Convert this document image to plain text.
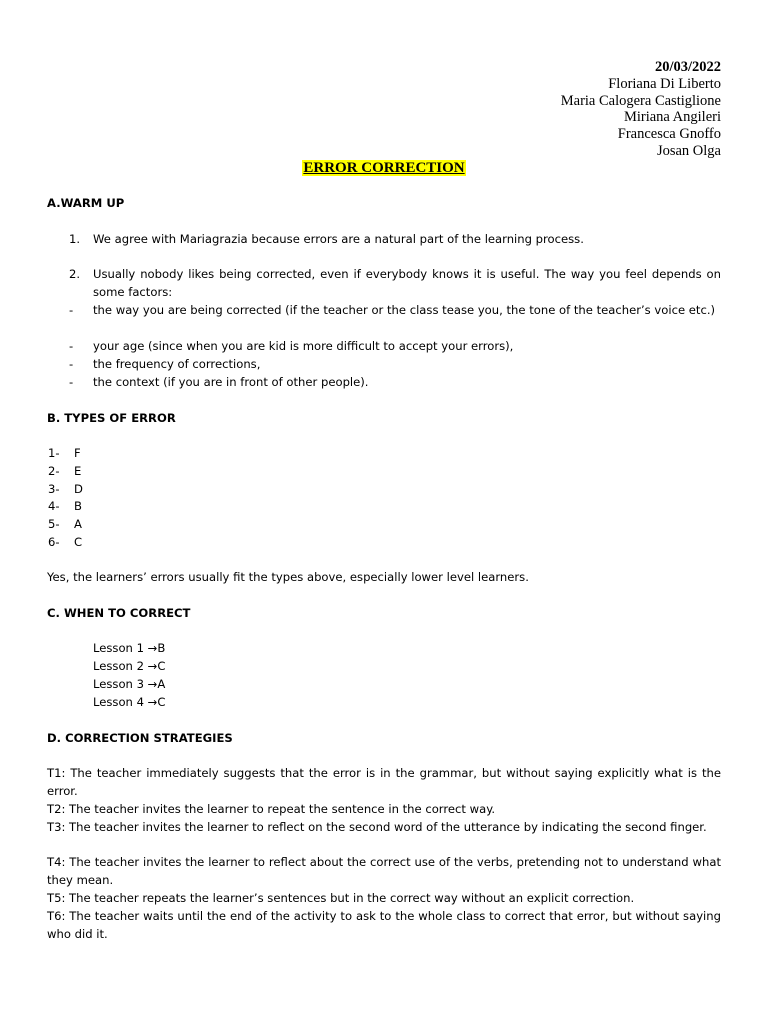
20/03/2022
Floriana Di Liberto
Maria Calogera Castiglione
Miriana Angileri
Francesca Gnoffo
Josan Olga
ERROR CORRECTION
A.WARM UP
1. We agree with Mariagrazia because errors are a natural part of the learning process.
2. Usually nobody likes being corrected, even if everybody knows it is useful. The way you feel depends on some factors:
- the way you are being corrected (if the teacher or the class tease you, the tone of the teacher’s voice etc.)
- your age (since when you are kid is more difficult to accept your errors),
- the frequency of corrections,
- the context (if you are in front of other people).
B. TYPES OF ERROR
1- F
2- E
3- D
4- B
5- A
6- C
Yes, the learners’ errors usually fit the types above, especially lower level learners.
C. WHEN TO CORRECT
Lesson 1 →B
Lesson 2 →C
Lesson 3 →A
Lesson 4 →C
D. CORRECTION STRATEGIES
T1: The teacher immediately suggests that the error is in the grammar, but without saying explicitly what is the error.
T2: The teacher invites the learner to repeat the sentence in the correct way.
T3: The teacher invites the learner to reflect on the second word of the utterance by indicating the second finger.
T4: The teacher invites the learner to reflect about the correct use of the verbs, pretending not to understand what they mean.
T5: The teacher repeats the learner’s sentences but in the correct way without an explicit correction.
T6: The teacher waits until the end of the activity to ask to the whole class to correct that error, but without saying who did it.
